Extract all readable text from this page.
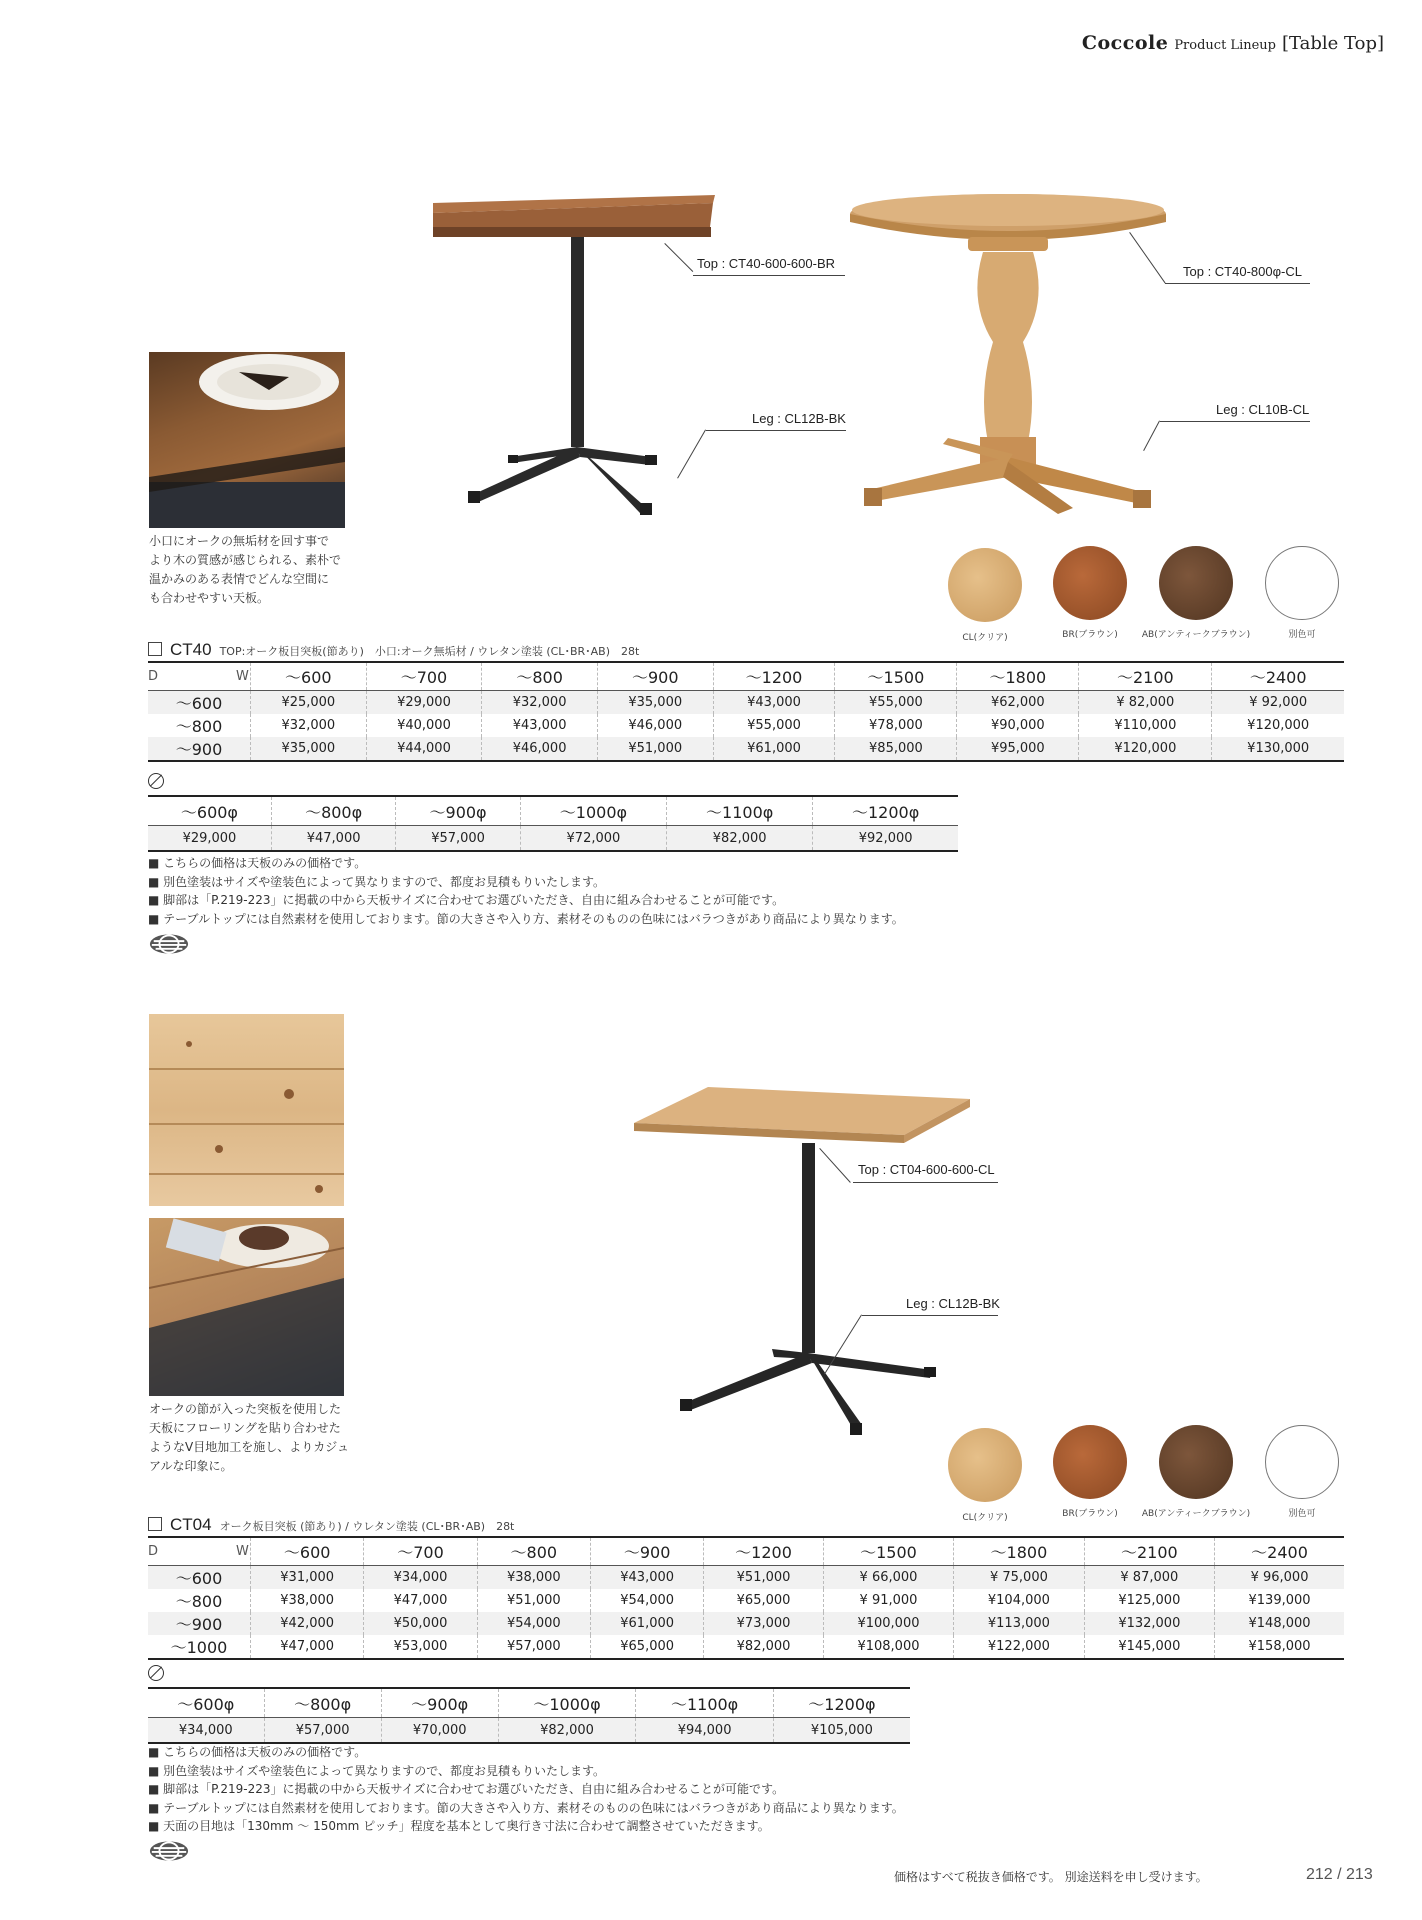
Coccole Product Lineup [Table Top]
Top : CT40-600-600-BR
Leg : CL12B-BK
Top : CT40-800φ-CL
Leg : CL10B-CL
小口にオークの無垢材を回す事で
より木の質感が感じられる、素朴で
温かみのある表情でどんな空間に
も合わせやすい天板。
CL(クリア)	BR(ブラウン)	AB(アンティークブラウン)	別色可
CT40 TOP:オーク板目突板(節あり)　小口:オーク無垢材 / ウレタン塗装 (CL･BR･AB)　28t
D W	～600	～700	～800	～900	～1200	～1500	～1800	～2100	～2400
～600	¥25,000	¥29,000	¥32,000	¥35,000	¥43,000	¥55,000	¥62,000	¥ 82,000	¥ 92,000
～800	¥32,000	¥40,000	¥43,000	¥46,000	¥55,000	¥78,000	¥90,000	¥110,000	¥120,000
～900	¥35,000	¥44,000	¥46,000	¥51,000	¥61,000	¥85,000	¥95,000	¥120,000	¥130,000
～600φ	～800φ	～900φ	～1000φ	～1100φ	～1200φ
¥29,000	¥47,000	¥57,000	¥72,000	¥82,000	¥92,000
■ こちらの価格は天板のみの価格です。
■ 別色塗装はサイズや塗装色によって異なりますので、都度お見積もりいたします。
■ 脚部は「P.219-223」に掲載の中から天板サイズに合わせてお選びいただき、自由に組み合わせることが可能です。
■ テーブルトップには自然素材を使用しております。節の大きさや入り方、素材そのものの色味にはバラつきがあり商品により異なります。
Top : CT04-600-600-CL
Leg : CL12B-BK
オークの節が入った突板を使用した
天板にフローリングを貼り合わせた
ようなV目地加工を施し、よりカジュ
アルな印象に。
CL(クリア)	BR(ブラウン)	AB(アンティークブラウン)	別色可
CT04 オーク板目突板 (節あり) / ウレタン塗装 (CL･BR･AB)　28t
D W	～600	～700	～800	～900	～1200	～1500	～1800	～2100	～2400
～600	¥31,000	¥34,000	¥38,000	¥43,000	¥51,000	¥ 66,000	¥ 75,000	¥ 87,000	¥ 96,000
～800	¥38,000	¥47,000	¥51,000	¥54,000	¥65,000	¥ 91,000	¥104,000	¥125,000	¥139,000
～900	¥42,000	¥50,000	¥54,000	¥61,000	¥73,000	¥100,000	¥113,000	¥132,000	¥148,000
～1000	¥47,000	¥53,000	¥57,000	¥65,000	¥82,000	¥108,000	¥122,000	¥145,000	¥158,000
～600φ	～800φ	～900φ	～1000φ	～1100φ	～1200φ
¥34,000	¥57,000	¥70,000	¥82,000	¥94,000	¥105,000
■ こちらの価格は天板のみの価格です。
■ 別色塗装はサイズや塗装色によって異なりますので、都度お見積もりいたします。
■ 脚部は「P.219-223」に掲載の中から天板サイズに合わせてお選びいただき、自由に組み合わせることが可能です。
■ テーブルトップには自然素材を使用しております。節の大きさや入り方、素材そのものの色味にはバラつきがあり商品により異なります。
■ 天面の目地は「130mm ～ 150mm ピッチ」程度を基本として奥行き寸法に合わせて調整させていただきます。
価格はすべて税抜き価格です。 別途送料を申し受けます。	212 / 213
